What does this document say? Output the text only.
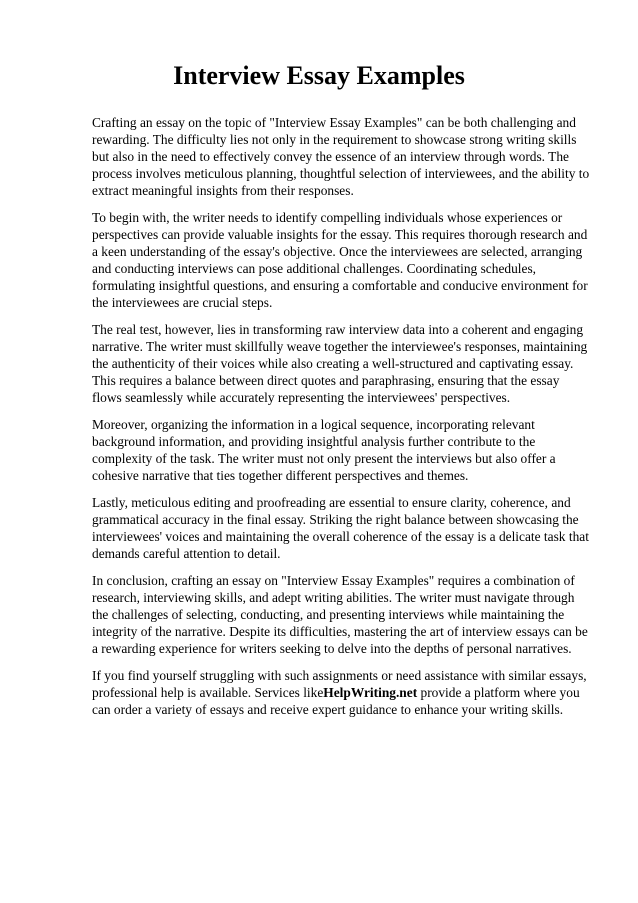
Interview Essay Examples

Crafting an essay on the topic of "Interview Essay Examples" can be both challenging and rewarding. The difficulty lies not only in the requirement to showcase strong writing skills but also in the need to effectively convey the essence of an interview through words. The process involves meticulous planning, thoughtful selection of interviewees, and the ability to extract meaningful insights from their responses.

To begin with, the writer needs to identify compelling individuals whose experiences or perspectives can provide valuable insights for the essay. This requires thorough research and a keen understanding of the essay's objective. Once the interviewees are selected, arranging and conducting interviews can pose additional challenges. Coordinating schedules, formulating insightful questions, and ensuring a comfortable and conducive environment for the interviewees are crucial steps.

The real test, however, lies in transforming raw interview data into a coherent and engaging narrative. The writer must skillfully weave together the interviewee's responses, maintaining the authenticity of their voices while also creating a well-structured and captivating essay. This requires a balance between direct quotes and paraphrasing, ensuring that the essay flows seamlessly while accurately representing the interviewees' perspectives.

Moreover, organizing the information in a logical sequence, incorporating relevant background information, and providing insightful analysis further contribute to the complexity of the task. The writer must not only present the interviews but also offer a cohesive narrative that ties together different perspectives and themes.

Lastly, meticulous editing and proofreading are essential to ensure clarity, coherence, and grammatical accuracy in the final essay. Striking the right balance between showcasing the interviewees' voices and maintaining the overall coherence of the essay is a delicate task that demands careful attention to detail.

In conclusion, crafting an essay on "Interview Essay Examples" requires a combination of research, interviewing skills, and adept writing abilities. The writer must navigate through the challenges of selecting, conducting, and presenting interviews while maintaining the integrity of the narrative. Despite its difficulties, mastering the art of interview essays can be a rewarding experience for writers seeking to delve into the depths of personal narratives.

If you find yourself struggling with such assignments or need assistance with similar essays, professional help is available. Services likeHelpWriting.net provide a platform where you can order a variety of essays and receive expert guidance to enhance your writing skills.
